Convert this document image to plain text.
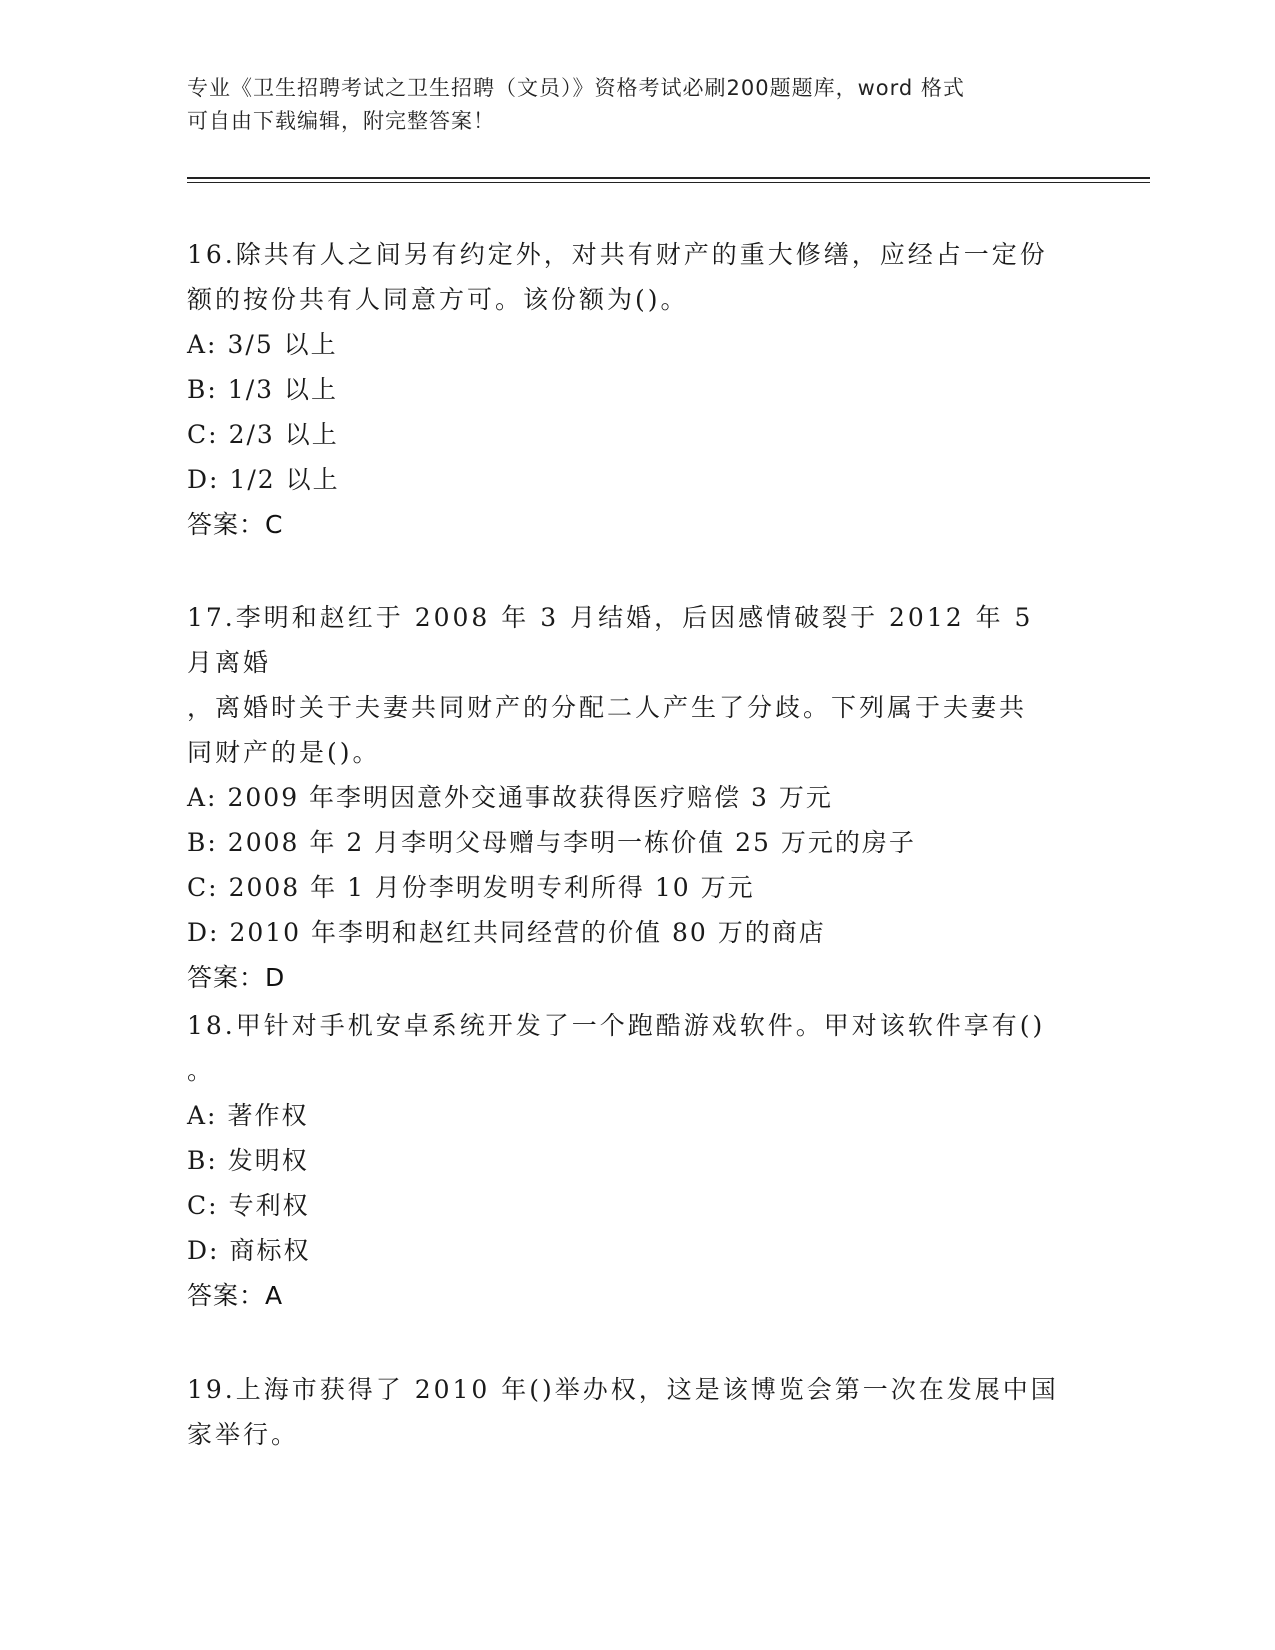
专业《卫生招聘考试之卫生招聘（文员）》资格考试必刷200题题库，word 格式
可自由下载编辑，附完整答案！
16.除共有人之间另有约定外，对共有财产的重大修缮，应经占一定份
额的按份共有人同意方可。该份额为()。
A: 3/5 以上
B: 1/3 以上
C: 2/3 以上
D: 1/2 以上
答案：C
17.李明和赵红于 2008 年 3 月结婚，后因感情破裂于 2012 年 5 月离婚
，离婚时关于夫妻共同财产的分配二人产生了分歧。下列属于夫妻共
同财产的是()。
A: 2009 年李明因意外交通事故获得医疗赔偿 3 万元
B: 2008 年 2 月李明父母赠与李明一栋价值 25 万元的房子
C: 2008 年 1 月份李明发明专利所得 10 万元
D: 2010 年李明和赵红共同经营的价值 80 万的商店
答案：D
18.甲针对手机安卓系统开发了一个跑酷游戏软件。甲对该软件享有()
。
A: 著作权
B: 发明权
C: 专利权
D: 商标权
答案：A
19.上海市获得了 2010 年()举办权，这是该博览会第一次在发展中国
家举行。
